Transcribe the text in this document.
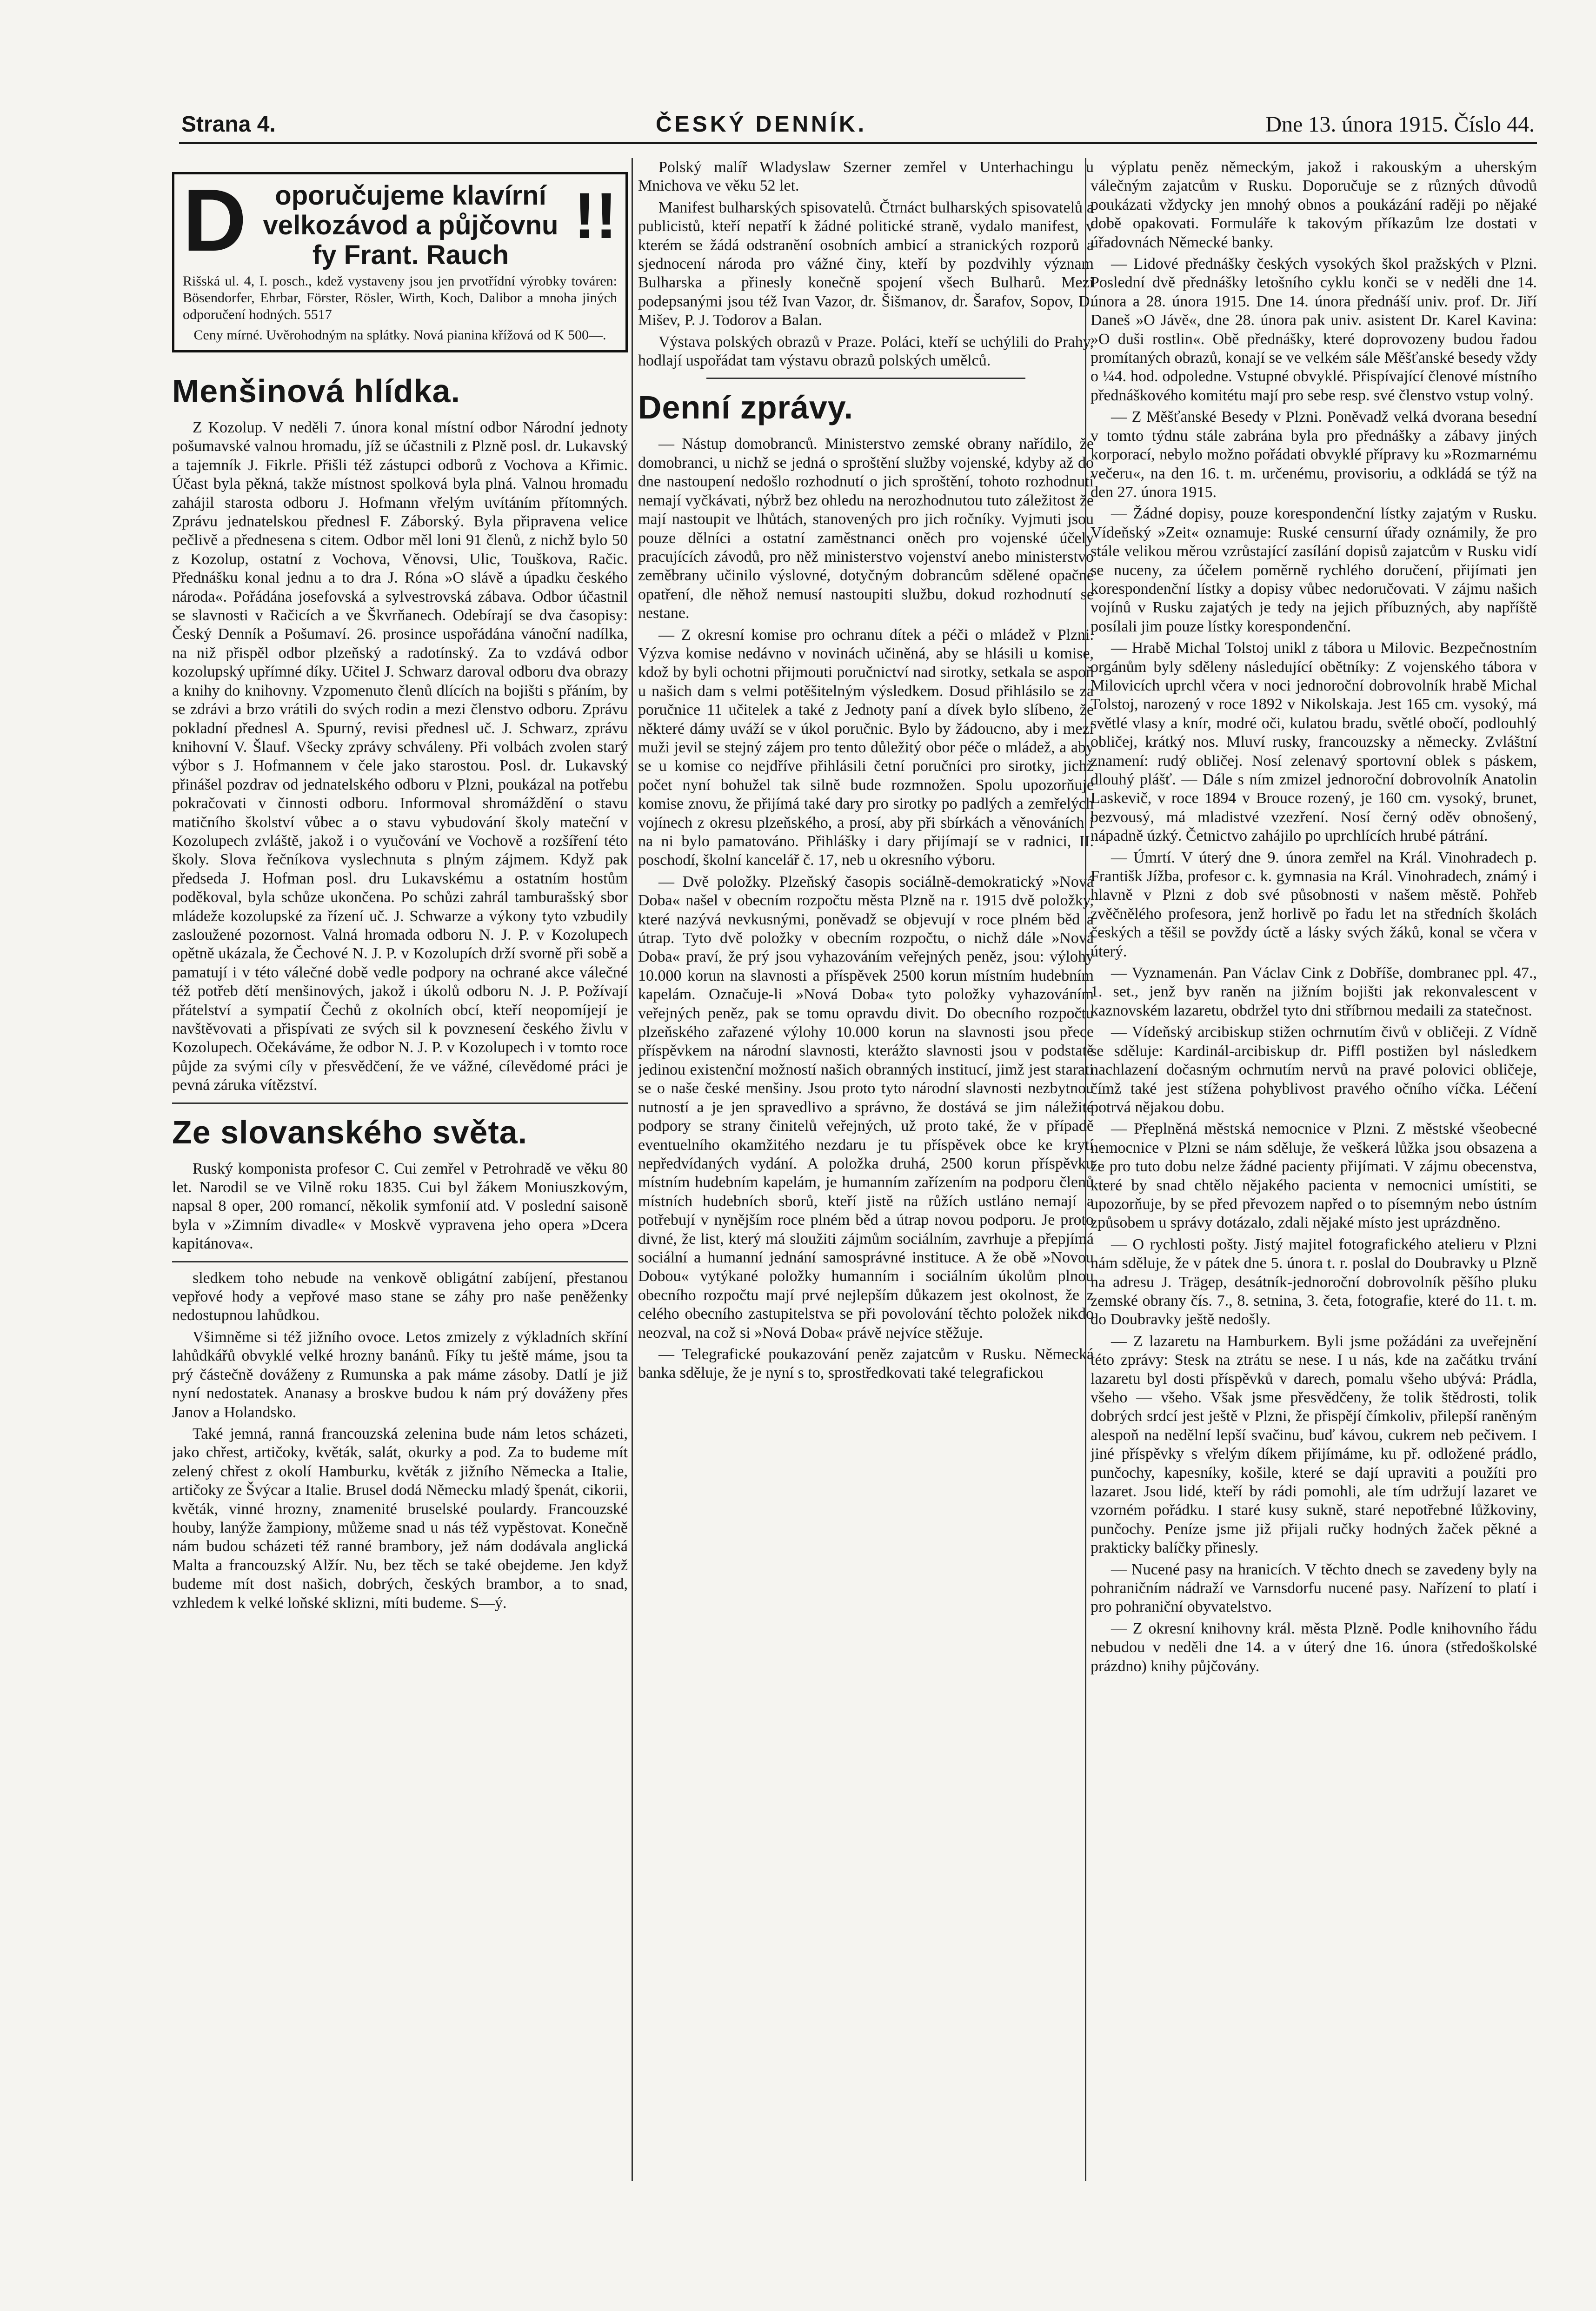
Strana 4.	ČESKÝ DENNÍK.	Dne 13. února 1915. Číslo 44.
D	oporučujeme klavírní velkozávod a půjčovnu fy Frant. Rauch
!!
Rišská ul. 4, I. posch., kdež vystaveny jsou jen prvotřídní výrobky továren: Bösendorfer, Ehrbar, Förster, Rösler, Wirth, Koch, Dalibor a mnoha jiných odporučení hodných. 5517
Ceny mírné. Uvěrohodným na splátky. Nová pianina křížová od K 500—.
Menšinová hlídka.

Z Kozolup. V neděli 7. února konal místní odbor Národní jednoty pošumavské valnou hromadu, jíž se účastnili z Plzně posl. dr. Lukavský a tajemník J. Fikrle. Přišli též zástupci odborů z Vochova a Křimic. Účast byla pěkná, takže místnost spolková byla plná. Valnou hromadu zahájil starosta odboru J. Hofmann vřelým uvítáním přítomných. Zprávu jednatelskou přednesl F. Záborský. Byla připravena velice pečlivě a přednesena s citem. Odbor měl loni 91 členů, z nichž bylo 50 z Kozolup, ostatní z Vochova, Věnovsi, Ulic, Touškova, Račic. Přednášku konal jednu a to dra J. Róna »O slávě a úpadku českého národa«. Pořádána josefovská a sylvestrovská zábava. Odbor účastnil se slavnosti v Račicích a ve Škvrňanech. Odebírají se dva časopisy: Český Denník a Pošumaví. 26. prosince uspořádána vánoční nadílka, na niž přispěl odbor plzeňský a radotínský. Za to vzdává odbor kozolupský upřímné díky. Učitel J. Schwarz daroval odboru dva obrazy a knihy do knihovny. Vzpomenuto členů dlících na bojišti s přáním, by se zdrávi a brzo vrátili do svých rodin a mezi členstvo odboru. Zprávu pokladní přednesl A. Spurný, revisi přednesl uč. J. Schwarz, zprávu knihovní V. Šlauf. Všecky zprávy schváleny. Při volbách zvolen starý výbor s J. Hofmannem v čele jako starostou. Posl. dr. Lukavský přinášel pozdrav od jednatelského odboru v Plzni, poukázal na potřebu pokračovati v činnosti odboru. Informoval shromáždění o stavu matičního školství vůbec a o stavu vybudování školy mateční v Kozolupech zvláště, jakož i o vyučování ve Vochově a rozšíření této školy. Slova řečníkova vyslechnuta s plným zájmem. Když pak předseda J. Hofman posl. dru Lukavskému a ostatním hostům poděkoval, byla schůze ukončena. Po schůzi zahrál tamburašský sbor mládeže kozolupské za řízení uč. J. Schwarze a výkony tyto vzbudily zasloužené pozornost. Valná hromada odboru N. J. P. v Kozolupech opětně ukázala, že Čechové N. J. P. v Kozolupích drží svorně při sobě a pamatují i v této válečné době vedle podpory na ochrané akce válečné též potřeb dětí menšinových, jakož i úkolů odboru N. J. P. Požívají přátelství a sympatií Čechů z okolních obcí, kteří neopomíjejí je navštěvovati a přispívati ze svých sil k povznesení českého živlu v Kozolupech. Očekáváme, že odbor N. J. P. v Kozolupech i v tomto roce půjde za svými cíly v přesvědčení, že ve vážné, cílevědomé práci je pevná záruka vítězství.

Ze slovanského světa.

Ruský komponista profesor C. Cui zemřel v Petrohradě ve věku 80 let. Narodil se ve Vilně roku 1835. Cui byl žákem Moniuszkovým, napsal 8 oper, 200 romancí, několik symfonií atd. V poslední saisoně byla v »Zimním divadle« v Moskvě vypravena jeho opera »Dcera kapitánova«.

sledkem toho nebude na venkově obligátní zabíjení, přestanou vepřové hody a vepřové maso stane se záhy pro naše peněženky nedostupnou lahůdkou.

Všimněme si též jižního ovoce. Letos zmizely z výkladních skříní lahůdkářů obvyklé velké hrozny banánů. Fíky tu ještě máme, jsou ta prý částečně dováženy z Rumunska a pak máme zásoby. Datlí je již nyní nedostatek. Ananasy a broskve budou k nám prý dováženy přes Janov a Holandsko.

Také jemná, ranná francouzská zelenina bude nám letos scházeti, jako chřest, artičoky, květák, salát, okurky a pod. Za to budeme mít zelený chřest z okolí Hamburku, květák z jižního Německa a Italie, artičoky ze Švýcar a Italie. Brusel dodá Německu mladý špenát, cikorii, květák, vinné hrozny, znamenité bruselské poulardy. Francouzské houby, lanýže žampiony, můžeme snad u nás též vypěstovat. Konečně nám budou scházeti též ranné brambory, jež nám dodávala anglická Malta a francouzský Alžír. Nu, bez těch se také obejdeme. Jen když budeme mít dost našich, dobrých, českých brambor, a to snad, vzhledem k velké loňské sklizni, míti budeme. S—ý.

Polský malíř Wladyslaw Szerner zemřel v Unterhachingu u Mnichova ve věku 52 let.

Manifest bulharských spisovatelů. Čtrnáct bulharských spisovatelů a publicistů, kteří nepatří k žádné politické straně, vydalo manifest, v kterém se žádá odstranění osobních ambicí a stranických rozporů a sjednocení národa pro vážné činy, kteří by pozdvihly význam Bulharska a přinesly konečně spojení všech Bulharů. Mezi podepsanými jsou též Ivan Vazor, dr. Šišmanov, dr. Šarafov, Sopov, D. Mišev, P. J. Todorov a Balan.

Výstava polských obrazů v Praze. Poláci, kteří se uchýlili do Prahy, hodlají uspořádat tam výstavu obrazů polských umělců.

Denní zprávy.

— Nástup domobranců. Ministerstvo zemské obrany nařídilo, že domobranci, u nichž se jedná o sproštění služby vojenské, kdyby až do dne nastoupení nedošlo rozhodnutí o jich sproštění, tohoto rozhodnutí nemají vyčkávati, nýbrž bez ohledu na nerozhodnutou tuto záležitost že mají nastoupit ve lhůtách, stanovených pro jich ročníky. Vyjmuti jsou pouze dělníci a ostatní zaměstnanci oněch pro vojenské účely pracujících závodů, pro něž ministerstvo vojenství anebo ministerstvo zeměbrany učinilo výslovné, dotyčným dobrancům sdělené opačné opatření, dle něhož nemusí nastoupiti službu, dokud rozhodnutí se nestane.

— Z okresní komise pro ochranu dítek a péči o mládež v Plzni. Výzva komise nedávno v novinách učiněná, aby se hlásili u komise, kdož by byli ochotni přijmouti poručnictví nad sirotky, setkala se aspoň u našich dam s velmi potěšitelným výsledkem. Dosud přihlásilo se za poručnice 11 učitelek a také z Jednoty paní a dívek bylo slíbeno, že některé dámy uváží se v úkol poručnic. Bylo by žádoucno, aby i mezi muži jevil se stejný zájem pro tento důležitý obor péče o mládež, a aby se u komise co nejdříve přihlásili četní poručníci pro sirotky, jichž počet nyní bohužel tak silně bude rozmnožen. Spolu upozorňuje komise znovu, že přijímá také dary pro sirotky po padlých a zemřelých vojínech z okresu plzeňského, a prosí, aby při sbírkách a věnováních i na ni bylo pamatováno. Přihlášky i dary přijímají se v radnici, II. poschodí, školní kancelář č. 17, neb u okresního výboru.

— Dvě položky. Plzeňský časopis sociálně-demokratický »Nová Doba« našel v obecním rozpočtu města Plzně na r. 1915 dvě položky, které nazývá nevkusnými, poněvadž se objevují v roce plném běd a útrap. Tyto dvě položky v obecním rozpočtu, o nichž dále »Nová Doba« praví, že prý jsou vyhazováním veřejných peněz, jsou: výlohy 10.000 korun na slavnosti a příspěvek 2500 korun místním hudebním kapelám. Označuje-li »Nová Doba« tyto položky vyhazováním veřejných peněz, pak se tomu opravdu divit. Do obecního rozpočtu plzeňského zařazené výlohy 10.000 korun na slavnosti jsou přece příspěvkem na národní slavnosti, kterážto slavnosti jsou v podstatě jedinou existenční možností našich obranných institucí, jimž jest starati se o naše české menšiny. Jsou proto tyto národní slavnosti nezbytnou nutností a je jen spravedlivo a správno, že dostává se jim náležité podpory se strany činitelů veřejných, už proto také, že v případě eventuelního okamžitého nezdaru je tu příspěvek obce ke krytí nepředvídaných vydání. A položka druhá, 2500 korun příspěvku místním hudebním kapelám, je humanním zařízením na podporu členů místních hudebních sborů, kteří jistě na růžích ustláno nemají a potřebují v nynějším roce plném běd a útrap novou podporu. Je proto divné, že list, který má sloužiti zájmům sociálním, zavrhuje a přepjímá sociální a humanní jednání samosprávné instituce. A že obě »Novou Dobou« vytýkané položky humanním i sociálním úkolům plnou obecního rozpočtu mají prvé nejlepším důkazem jest okolnost, že z celého obecního zastupitelstva se při povolování těchto položek nikdo neozval, na což si »Nová Doba« právě nejvíce stěžuje.

— Telegrafické poukazování peněz zajatcům v Rusku. Německá banka sděluje, že je nyní s to, sprostředkovati také telegrafickou

výplatu peněz německým, jakož i rakouským a uherským válečným zajatcům v Rusku. Doporučuje se z různých důvodů poukázati vždycky jen mnohý obnos a poukázání raději po nějaké době opakovati. Formuláře k takovým příkazům lze dostati v úřadovnách Německé banky.

— Lidové přednášky českých vysokých škol pražských v Plzni. Poslední dvě přednášky letošního cyklu konči se v neděli dne 14. února a 28. února 1915. Dne 14. února přednáší univ. prof. Dr. Jiří Daneš »O Jávě«, dne 28. února pak univ. asistent Dr. Karel Kavina: »O duši rostlin«. Obě přednášky, které doprovozeny budou řadou promítaných obrazů, konají se ve velkém sále Měšťanské besedy vždy o ¼4. hod. odpoledne. Vstupné obvyklé. Přispívající členové místního přednáškového komitétu mají pro sebe resp. své členstvo vstup volný.

— Z Měšťanské Besedy v Plzni. Poněvadž velká dvorana besední v tomto týdnu stále zabrána byla pro přednášky a zábavy jiných korporací, nebylo možno pořádati obvyklé přípravy ku »Rozmarnému večeru«, na den 16. t. m. určenému, provisoriu, a odkládá se týž na den 27. února 1915.

— Žádné dopisy, pouze korespondenční lístky zajatým v Rusku. Vídeňský »Zeit« oznamuje: Ruské censurní úřady oznámily, že pro stále velikou měrou vzrůstající zasílání dopisů zajatcům v Rusku vidí se nuceny, za účelem poměrně rychlého doručení, přijímati jen korespondenční lístky a dopisy vůbec nedoručovati. V zájmu našich vojínů v Rusku zajatých je tedy na jejich příbuzných, aby napříště posílali jim pouze lístky korespondenční.

— Hrabě Michal Tolstoj unikl z tábora u Milovic. Bezpečnostním orgánům byly sděleny následující obětníky: Z vojenského tábora v Milovicích uprchl včera v noci jednoroční dobrovolník hrabě Michal Tolstoj, narozený v roce 1892 v Nikolskaja. Jest 165 cm. vysoký, má světlé vlasy a knír, modré oči, kulatou bradu, světlé obočí, podlouhlý obličej, krátký nos. Mluví rusky, francouzsky a německy. Zvláštní znamení: rudý obličej. Nosí zelenavý sportovní oblek s páskem, dlouhý plášť. — Dále s ním zmizel jednoroční dobrovolník Anatolin Laskevič, v roce 1894 v Brouce rozený, je 160 cm. vysoký, brunet, bezvousý, má mladistvé vzezření. Nosí černý oděv obnošený, nápadně úzký. Četnictvo zahájilo po uprchlících hrubé pátrání.

— Úmrtí. V úterý dne 9. února zemřel na Král. Vinohradech p. Františk Jížba, profesor c. k. gymnasia na Král. Vinohradech, známý i hlavně v Plzni z dob své působnosti v našem městě. Pohřeb zvěčnělého profesora, jenž horlivě po řadu let na středních školách českých a těšil se povždy úctě a lásky svých žáků, konal se včera v úterý.

— Vyznamenán. Pan Václav Cink z Dobříše, dombranec ppl. 47., 1. set., jenž byv raněn na jižním bojišti jak rekonvalescent v kaznovském lazaretu, obdržel tyto dni stříbrnou medaili za statečnost.

— Vídeňský arcibiskup stižen ochrnutím čivů v obličeji. Z Vídně se sděluje: Kardinál-arcibiskup dr. Piffl postižen byl následkem nachlazení dočasným ochrnutím nervů na pravé polovici obličeje, čímž také jest stížena pohyblivost pravého očního víčka. Léčení potrvá nějakou dobu.

— Přeplněná městská nemocnice v Plzni. Z městské všeobecné nemocnice v Plzni se nám sděluje, že veškerá lůžka jsou obsazena a že pro tuto dobu nelze žádné pacienty přijímati. V zájmu obecenstva, které by snad chtělo nějakého pacienta v nemocnici umístiti, se upozorňuje, by se před převozem napřed o to písemným nebo ústním způsobem u správy dotázalo, zdali nějaké místo jest uprázdněno.

— O rychlosti pošty. Jistý majitel fotografického atelieru v Plzni nám sděluje, že v pátek dne 5. února t. r. poslal do Doubravky u Plzně na adresu J. Trägeр, desátník-jednoroční dobrovolník pěšího pluku zemské obrany čís. 7., 8. setnina, 3. četa, fotografie, které do 11. t. m. do Doubravky ještě nedošly.

— Z lazaretu na Hamburkem. Byli jsme požádáni za uveřejnění této zprávy: Stesk na ztrátu se nese. I u nás, kde na začátku trvání lazaretu byl dosti příspěvků v darech, pomalu všeho ubývá: Prádla, všeho — všeho. Však jsme přesvědčeny, že tolik štědrosti, tolik dobrých srdcí jest ještě v Plzni, že přispějí čímkoliv, přilepší raněným alespoň na nedělní lepší svačinu, buď kávou, cukrem neb pečivem. I jiné příspěvky s vřelým díkem přijímáme, ku př. odložené prádlo, punčochy, kapesníky, košile, které se dají upraviti a použíti pro lazaret. Jsou lidé, kteří by rádi pomohli, ale tím udržují lazaret ve vzorném pořádku. I staré kusy sukně, staré nepotřebné lůžkoviny, punčochy. Peníze jsme již přijali ručky hodných žaček pěkné a prakticky balíčky přinesly.

— Nucené pasy na hranicích. V těchto dnech se zavedeny byly na pohraničním nádraží ve Varnsdorfu nucené pasy. Nařízení to platí i pro pohraniční obyvatelstvo.

— Z okresní knihovny král. města Plzně. Podle knihovního řádu nebudou v neděli dne 14. a v úterý dne 16. února (středoškolské prázdno) knihy půjčovány.
